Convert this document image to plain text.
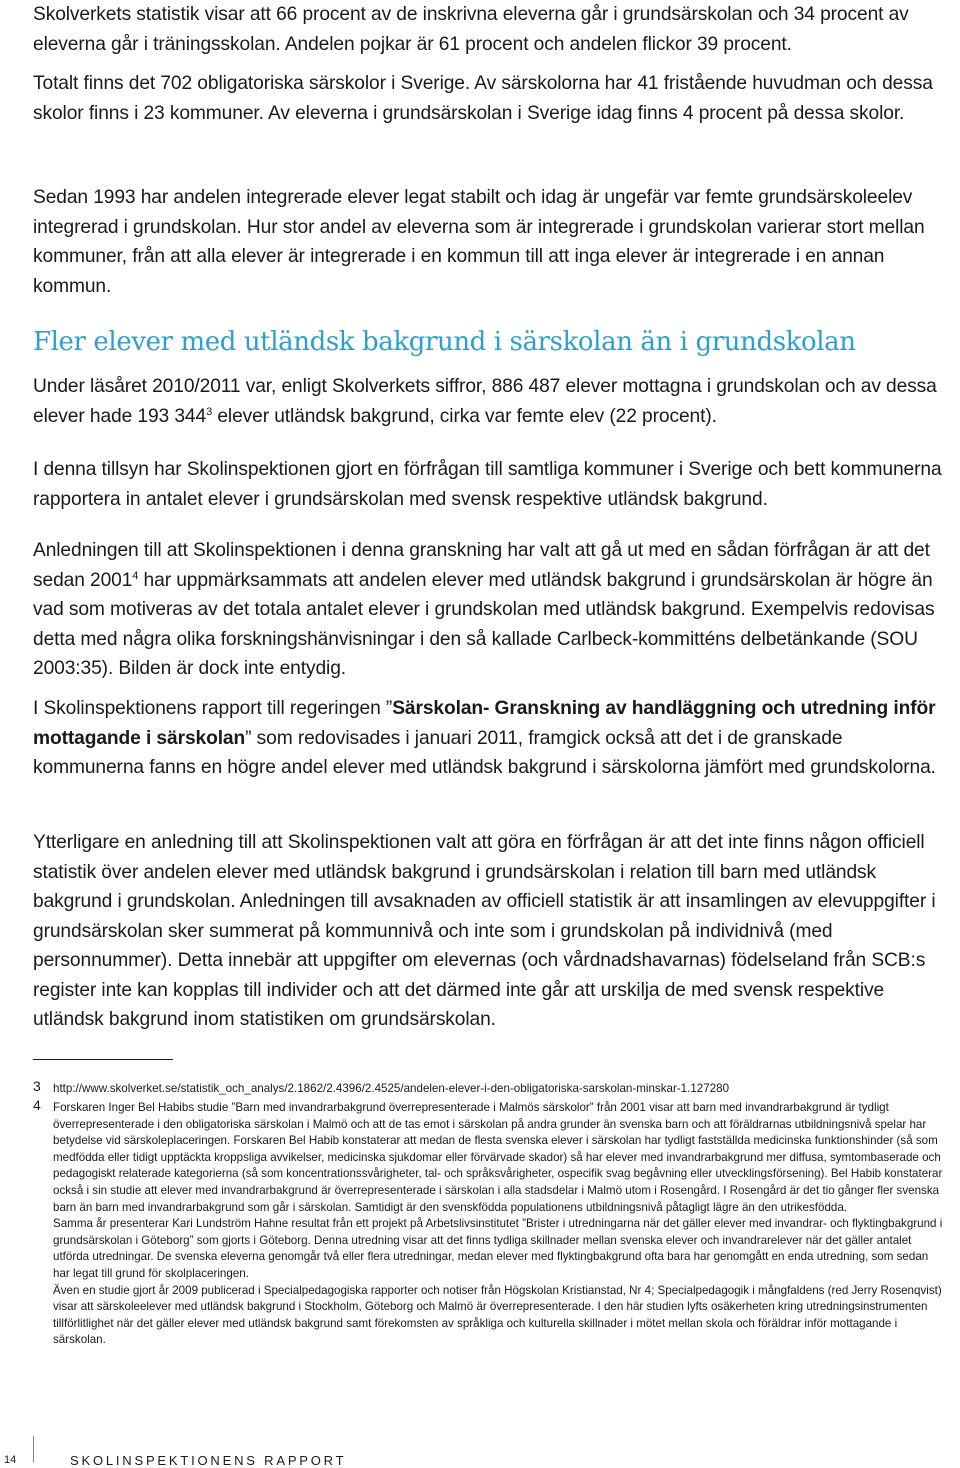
Skolverkets statistik visar att 66 procent av de inskrivna eleverna går i grundsärskolan och 34 procent av eleverna går i träningsskolan. Andelen pojkar är 61 procent och andelen flickor 39 procent.

Totalt finns det 702 obligatoriska särskolor i Sverige. Av särskolorna har 41 fristående huvudman och dessa skolor finns i 23 kommuner. Av eleverna i grundsärskolan i Sverige idag finns 4 procent på dessa skolor.

Sedan 1993 har andelen integrerade elever legat stabilt och idag är ungefär var femte grundsärskoleelev integrerad i grundskolan. Hur stor andel av eleverna som är integrerade i grundskolan varierar stort mellan kommuner, från att alla elever är integrerade i en kommun till att inga elever är integrerade i en annan kommun.

Fler elever med utländsk bakgrund i särskolan än i grundskolan

Under läsåret 2010/2011 var, enligt Skolverkets siffror, 886 487 elever mottagna i grundskolan och av dessa elever hade 193 $344^3$ elever utländsk bakgrund, cirka var femte elev (22 procent).

I denna tillsyn har Skolinspektionen gjort en förfrågan till samtliga kommuner i Sverige och bett kommunerna rapportera in antalet elever i grundsärskolan med svensk respektive utländsk bakgrund.

Anledningen till att Skolinspektionen i denna granskning har valt att gå ut med en sådan förfrågan är att det sedan 2001$^4$ har uppmärksammats att andelen elever med utländsk bakgrund i grundsärskolan är högre än vad som motiveras av det totala antalet elever i grundskolan med utländsk bakgrund. Exempelvis redovisas detta med några olika forskningshänvisningar i den så kallade Carlbeck-kommitténs delbetänkande (SOU 2003:35). Bilden är dock inte entydig.

I Skolinspektionens rapport till regeringen ”Särskolan- Granskning av handläggning och utredning inför mottagande i särskolan” som redovisades i januari 2011, framgick också att det i de granskade kommunerna fanns en högre andel elever med utländsk bakgrund i särskolorna jämfört med grundskolorna.

Ytterligare en anledning till att Skolinspektionen valt att göra en förfrågan är att det inte finns någon officiell statistik över andelen elever med utländsk bakgrund i grundsärskolan i relation till barn med utländsk bakgrund i grundskolan. Anledningen till avsaknaden av officiell statistik är att insamlingen av elevuppgifter i grundsärskolan sker summerat på kommunnivå och inte som i grundskolan på individnivå (med personnummer). Detta innebär att uppgifter om elevernas (och vårdnadshavarnas) födelseland från SCB:s register inte kan kopplas till individer och att det därmed inte går att urskilja de med svensk respektive utländsk bakgrund inom statistiken om grundsärskolan.

3 http://www.skolverket.se/statistik_och_analys/2.1862/2.4396/2.4525/andelen-elever-i-den-obligatoriska-sarskolan-minskar-1.127280
4 Forskaren Inger Bel Habibs studie ”Barn med invandrarbakgrund överrepresenterade i Malmös särskolor” från 2001 visar att barn med invandrarbakgrund är tydligt överrepresenterade i den obligatoriska särskolan i Malmö och att de tas emot i särskolan på andra grunder än svenska barn och att föräldrarnas utbildningsnivå spelar har betydelse vid särskoleplaceringen. Forskaren Bel Habib konstaterar att medan de flesta svenska elever i särskolan har tydligt fastställda medicinska funktionshinder (så som medfödda eller tidigt upptäckta kroppsliga avvikelser, medicinska sjukdomar eller förvärvade skador) så har elever med invandrarbakgrund mer diffusa, symtombaserade och pedagogiskt relaterade kategorierna (så som koncentrationssvårigheter, tal- och språksvårigheter, ospecifik svag begåvning eller utvecklingsförsening). Bel Habib konstaterar också i sin studie att elever med invandrarbakgrund är överrepresenterade i särskolan i alla stadsdelar i Malmö utom i Rosengård. I Rosengård är det tio gånger fler svenska barn än barn med invandrarbakgrund som går i särskolan. Samtidigt är den svenskfödda populationens utbildningsnivå påtagligt lägre än den utrikesfödda.
Samma år presenterar Kari Lundström Hahne resultat från ett projekt på Arbetslivsinstitutet ”Brister i utredningarna när det gäller elever med invandrar- och flyktingbakgrund i grundsärskolan i Göteborg” som gjorts i Göteborg. Denna utredning visar att det finns tydliga skillnader mellan svenska elever och invandrarelever när det gäller antalet utförda utredningar. De svenska eleverna genomgår två eller flera utredningar, medan elever med flyktingbakgrund ofta bara har genomgått en enda utredning, som sedan har legat till grund för skolplaceringen.
Även en studie gjort år 2009 publicerad i Specialpedagogiska rapporter och notiser från Högskolan Kristianstad, Nr 4; Specialpedagogik i mångfaldens (red Jerry Rosenqvist) visar att särskoleelever med utländsk bakgrund i Stockholm, Göteborg och Malmö är överrepresenterade. I den här studien lyfts osäkerheten kring utredningsinstrumenten tillförlitlighet när det gäller elever med utländsk bakgrund samt förekomsten av språkliga och kulturella skillnader i mötet mellan skola och föräldrar inför mottagande i särskolan.
14	SKOLINSPEKTIONENS RAPPORT
